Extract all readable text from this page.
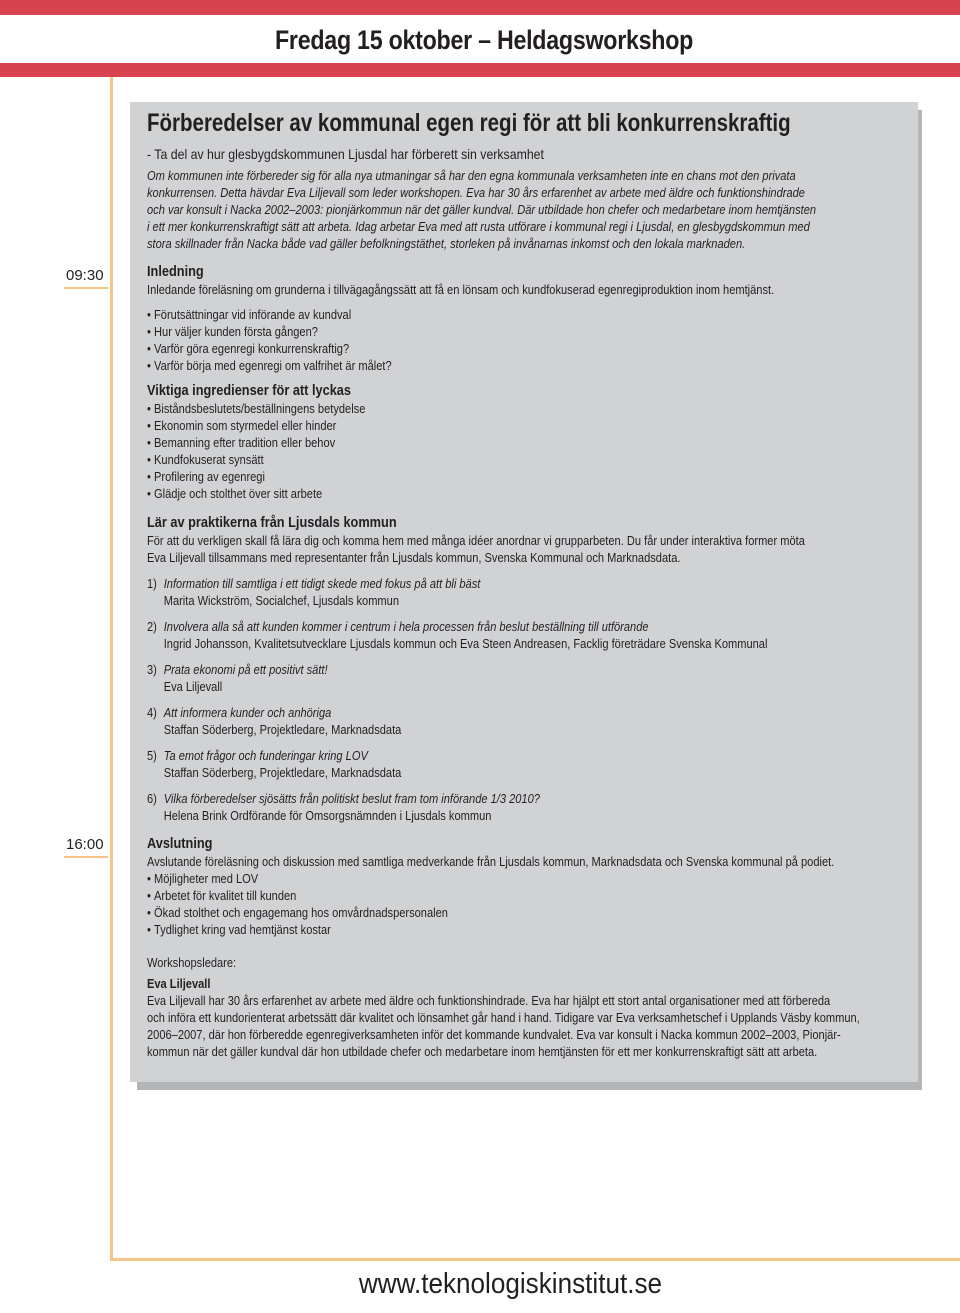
Fredag 15 oktober – Heldagsworkshop
09:30
16:00
Förberedelser av kommunal egen regi för att bli konkurrenskraftig
- Ta del av hur glesbygdskommunen Ljusdal har förberett sin verksamhet
Om kommunen inte förbereder sig för alla nya utmaningar så har den egna kommunala verksamheten inte en chans mot den privata
konkurrensen. Detta hävdar Eva Liljevall som leder workshopen. Eva har 30 års erfarenhet av arbete med äldre och funktionshindrade
och var konsult i Nacka 2002–2003: pionjärkommun när det gäller kundval. Där utbildade hon chefer och medarbetare inom hemtjänsten
i ett mer konkurrenskraftigt sätt att arbeta. Idag arbetar Eva med att rusta utförare i kommunal regi i Ljusdal, en glesbygdskommun med
stora skillnader från Nacka både vad gäller befolkningstäthet, storleken på invånarnas inkomst och den lokala marknaden.
Inledning

Inledande föreläsning om grunderna i tillvägagångssätt att få en lönsam och kundfokuserad egenregiproduktion inom hemtjänst.

• Förutsättningar vid införande av kundval
• Hur väljer kunden första gången?
• Varför göra egenregi konkurrenskraftig?
• Varför börja med egenregi om valfrihet är målet?
Viktiga ingredienser för att lyckas
• Biståndsbeslutets/beställningens betydelse
• Ekonomin som styrmedel eller hinder
• Bemanning efter tradition eller behov
• Kundfokuserat synsätt
• Profilering av egenregi
• Glädje och stolthet över sitt arbete
Lär av praktikerna från Ljusdals kommun

För att du verkligen skall få lära dig och komma hem med många idéer anordnar vi grupparbeten. Du får under interaktiva former möta

Eva Liljevall tillsammans med representanter från Ljusdals kommun, Svenska Kommunal och Marknadsdata.

1) Information till samtliga i ett tidigt skede med fokus på att bli bäst
Marita Wickström, Socialchef, Ljusdals kommun
2) Involvera alla så att kunden kommer i centrum i hela processen från beslut beställning till utförande
Ingrid Johansson, Kvalitetsutvecklare Ljusdals kommun och Eva Steen Andreasen, Facklig företrädare Svenska Kommunal
3) Prata ekonomi på ett positivt sätt!
Eva Liljevall
4) Att informera kunder och anhöriga
Staffan Söderberg, Projektledare, Marknadsdata
5) Ta emot frågor och funderingar kring LOV
Staffan Söderberg, Projektledare, Marknadsdata
6) Vilka förberedelser sjösätts från politiskt beslut fram tom införande 1/3 2010?
Helena Brink Ordförande för Omsorgsnämnden i Ljusdals kommun
Avslutning

Avslutande föreläsning och diskussion med samtliga medverkande från Ljusdals kommun, Marknadsdata och Svenska kommunal på podiet.

• Möjligheter med LOV
• Arbetet för kvalitet till kunden
• Ökad stolthet och engagemang hos omvårdnadspersonalen
• Tydlighet kring vad hemtjänst kostar
Workshopsledare:
Eva Liljevall
Eva Liljevall har 30 års erfarenhet av arbete med äldre och funktionshindrade. Eva har hjälpt ett stort antal organisationer med att förbereda
och införa ett kundorienterat arbetssätt där kvalitet och lönsamhet går hand i hand. Tidigare var Eva verksamhetschef i Upplands Väsby kommun,
2006–2007, där hon förberedde egenregiverksamheten inför det kommande kundvalet. Eva var konsult i Nacka kommun 2002–2003, Pionjär-
kommun när det gäller kundval där hon utbildade chefer och medarbetare inom hemtjänsten för ett mer konkurrenskraftigt sätt att arbeta.
www.teknologiskinstitut.se
